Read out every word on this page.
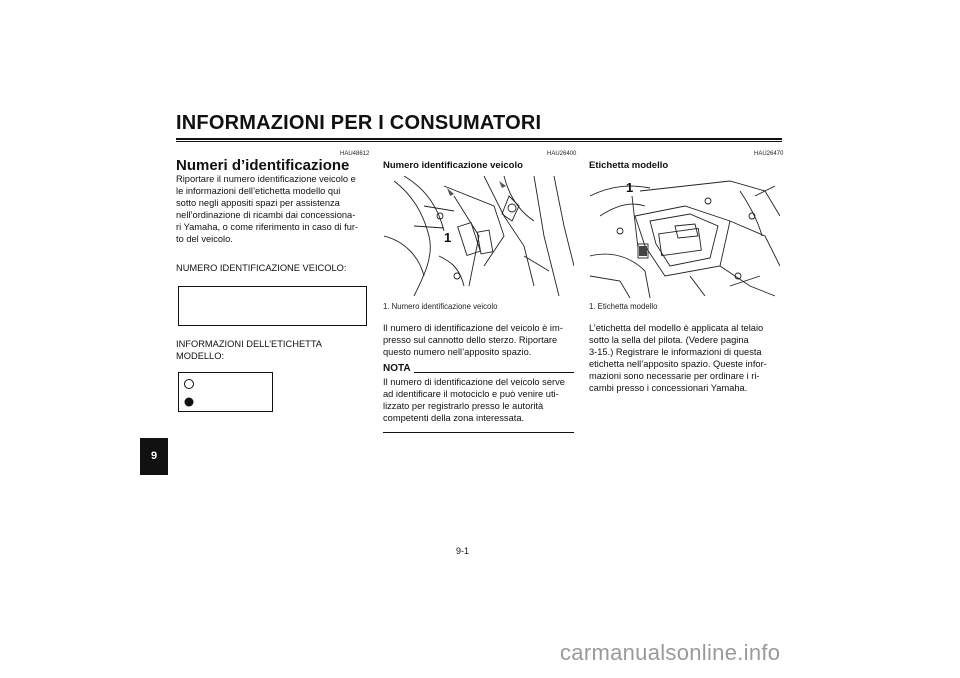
INFORMAZIONI PER I CONSUMATORI
9
HAU48612
Numeri d’identificazione
Riportare il numero identificazione veicolo e
le informazioni dell’etichetta modello qui
sotto negli appositi spazi per assistenza
nell’ordinazione di ricambi dai concessiona-
ri Yamaha, o come riferimento in caso di fur-
to del veicolo.
NUMERO IDENTIFICAZIONE VEICOLO:
INFORMAZIONI DELL’ETICHETTA
MODELLO:
HAU26400
Numero identificazione veicolo
1
1. Numero identificazione veicolo
Il numero di identificazione del veicolo è im-
presso sul cannotto dello sterzo. Riportare
questo numero nell’apposito spazio.
NOTA
Il numero di identificazione del veicolo serve
ad identificare il motociclo e può venire uti-
lizzato per registrarlo presso le autorità
competenti della zona interessata.
HAU26470
Etichetta modello
1
1. Etichetta modello
L’etichetta del modello è applicata al telaio
sotto la sella del pilota. (Vedere pagina
3-15.) Registrare le informazioni di questa
etichetta nell’apposito spazio. Queste infor-
mazioni sono necessarie per ordinare i ri-
cambi presso i concessionari Yamaha.
9-1
carmanualsonline.info
